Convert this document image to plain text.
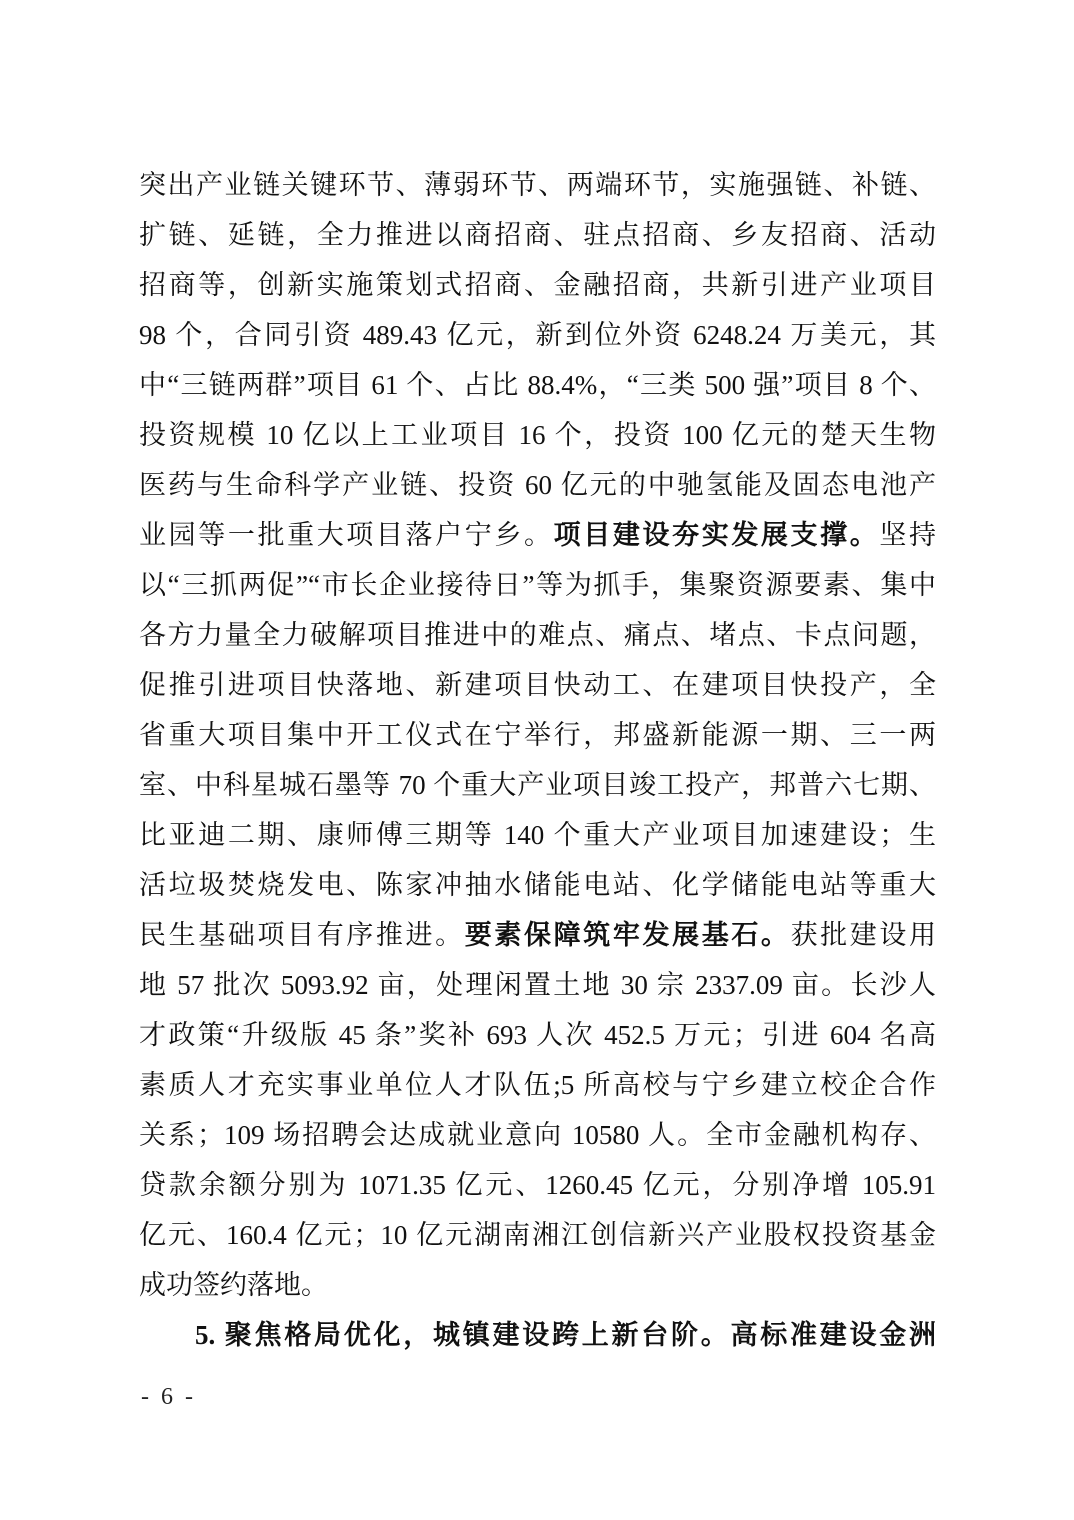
突出产业链关键环节、薄弱环节、两端环节，实施强链、补链、
扩链、延链，全力推进以商招商、驻点招商、乡友招商、活动
招商等，创新实施策划式招商、金融招商，共新引进产业项目
98 个，合同引资 489.43 亿元，新到位外资 6248.24 万美元，其
中“三链两群”项目 61 个、占比 88.4%，“三类 500 强”项目 8 个、
投资规模 10 亿以上工业项目 16 个，投资 100 亿元的楚天生物
医药与生命科学产业链、投资 60 亿元的中驰氢能及固态电池产
业园等一批重大项目落户宁乡。项目建设夯实发展支撑。坚持
以“三抓两促”“市长企业接待日”等为抓手，集聚资源要素、集中
各方力量全力破解项目推进中的难点、痛点、堵点、卡点问题，
促推引进项目快落地、新建项目快动工、在建项目快投产，全
省重大项目集中开工仪式在宁举行，邦盛新能源一期、三一两
室、中科星城石墨等 70 个重大产业项目竣工投产，邦普六七期、
比亚迪二期、康师傅三期等 140 个重大产业项目加速建设；生
活垃圾焚烧发电、陈家冲抽水储能电站、化学储能电站等重大
民生基础项目有序推进。要素保障筑牢发展基石。获批建设用
地 57 批次 5093.92 亩，处理闲置土地 30 宗 2337.09 亩。长沙人
才政策“升级版 45 条”奖补 693 人次 452.5 万元；引进 604 名高
素质人才充实事业单位人才队伍;5 所高校与宁乡建立校企合作
关系；109 场招聘会达成就业意向 10580 人。全市金融机构存、
贷款余额分别为 1071.35 亿元、1260.45 亿元，分别净增 105.91
亿元、160.4 亿元；10 亿元湖南湘江创信新兴产业股权投资基金
成功签约落地。
5. 聚焦格局优化，城镇建设跨上新台阶。高标准建设金洲
- 6 -
